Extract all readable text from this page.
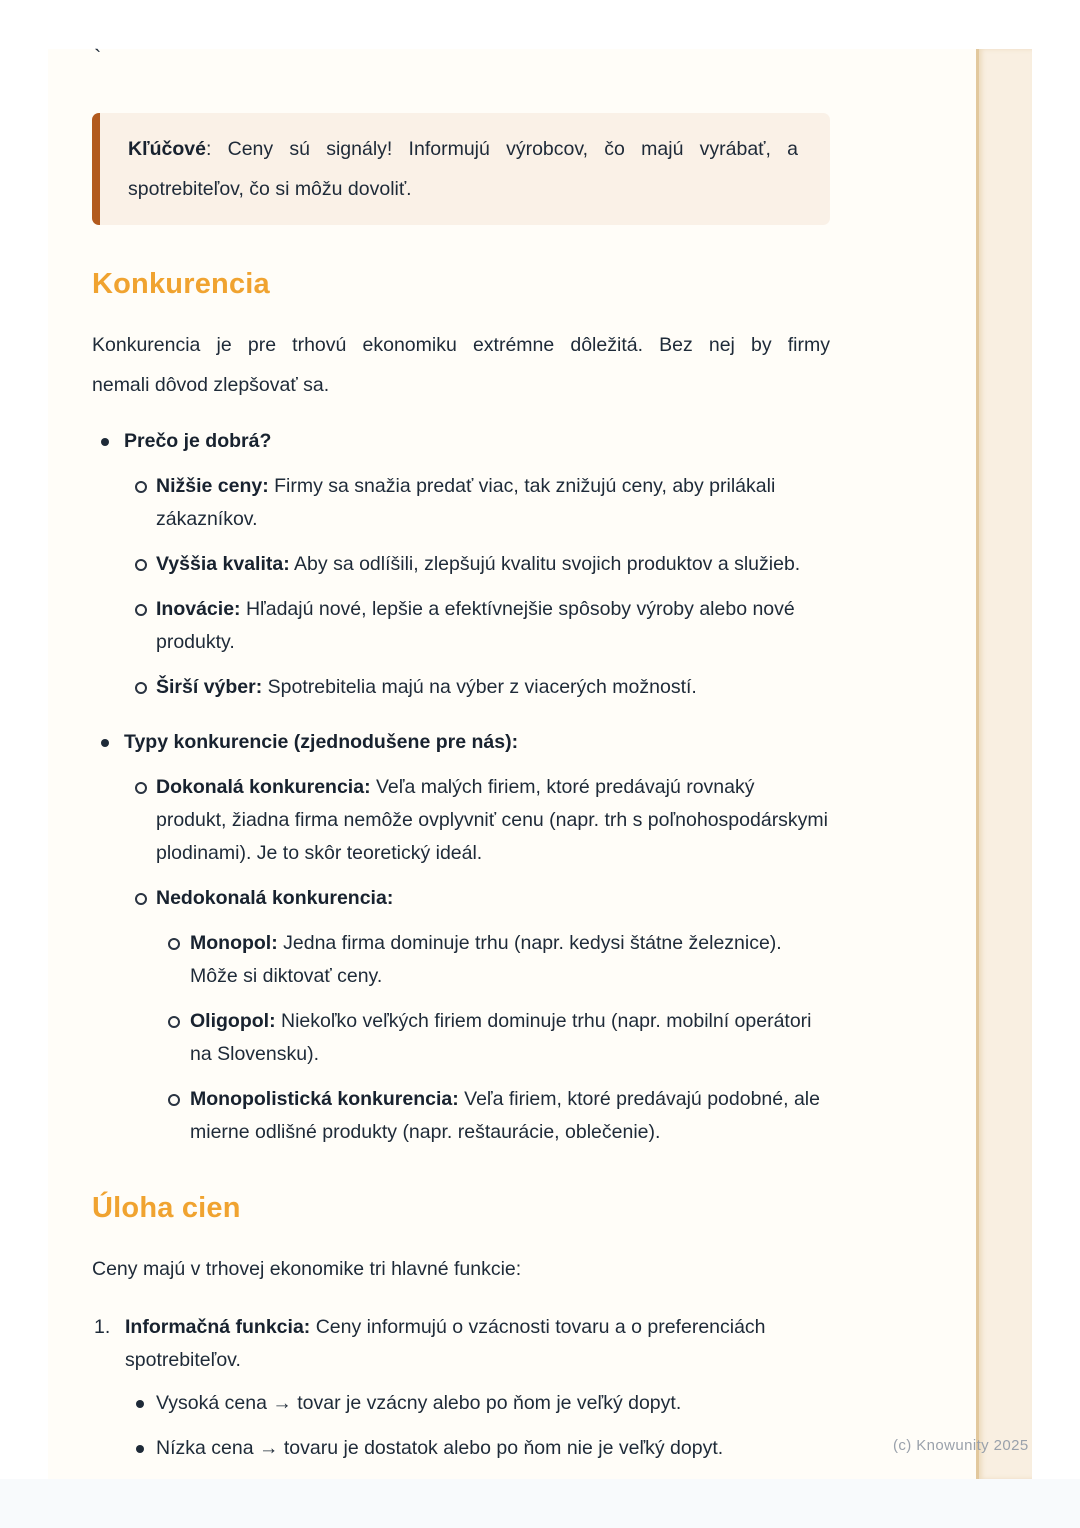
`
Kľúčové: Ceny sú signály! Informujú výrobcov, čo majú vyrábať, a
spotrebiteľov, čo si môžu dovoliť.
Konkurencia
Konkurencia je pre trhovú ekonomiku extrémne dôležitá. Bez nej by firmy
nemali dôvod zlepšovať sa.
Prečo je dobrá?
Nižšie ceny: Firmy sa snažia predať viac, tak znižujú ceny, aby prilákali zákazníkov.
Vyššia kvalita: Aby sa odlíšili, zlepšujú kvalitu svojich produktov a služieb.
Inovácie: Hľadajú nové, lepšie a efektívnejšie spôsoby výroby alebo nové produkty.
Širší výber: Spotrebitelia majú na výber z viacerých možností.
Typy konkurencie (zjednodušene pre nás):
Dokonalá konkurencia: Veľa malých firiem, ktoré predávajú rovnaký produkt, žiadna firma nemôže ovplyvniť cenu (napr. trh s poľnohospodárskymi plodinami). Je to skôr teoretický ideál.
Nedokonalá konkurencia:
Monopol: Jedna firma dominuje trhu (napr. kedysi štátne železnice). Môže si diktovať ceny.
Oligopol: Niekoľko veľkých firiem dominuje trhu (napr. mobilní operátori na Slovensku).
Monopolistická konkurencia: Veľa firiem, ktoré predávajú podobné, ale mierne odlišné produkty (napr. reštaurácie, oblečenie).
Úloha cien
Ceny majú v trhovej ekonomike tri hlavné funkcie:
1. Informačná funkcia: Ceny informujú o vzácnosti tovaru a o preferenciách spotrebiteľov.
Vysoká cena → tovar je vzácny alebo po ňom je veľký dopyt.
Nízka cena → tovaru je dostatok alebo po ňom nie je veľký dopyt.	(c) Knowunity 2025
